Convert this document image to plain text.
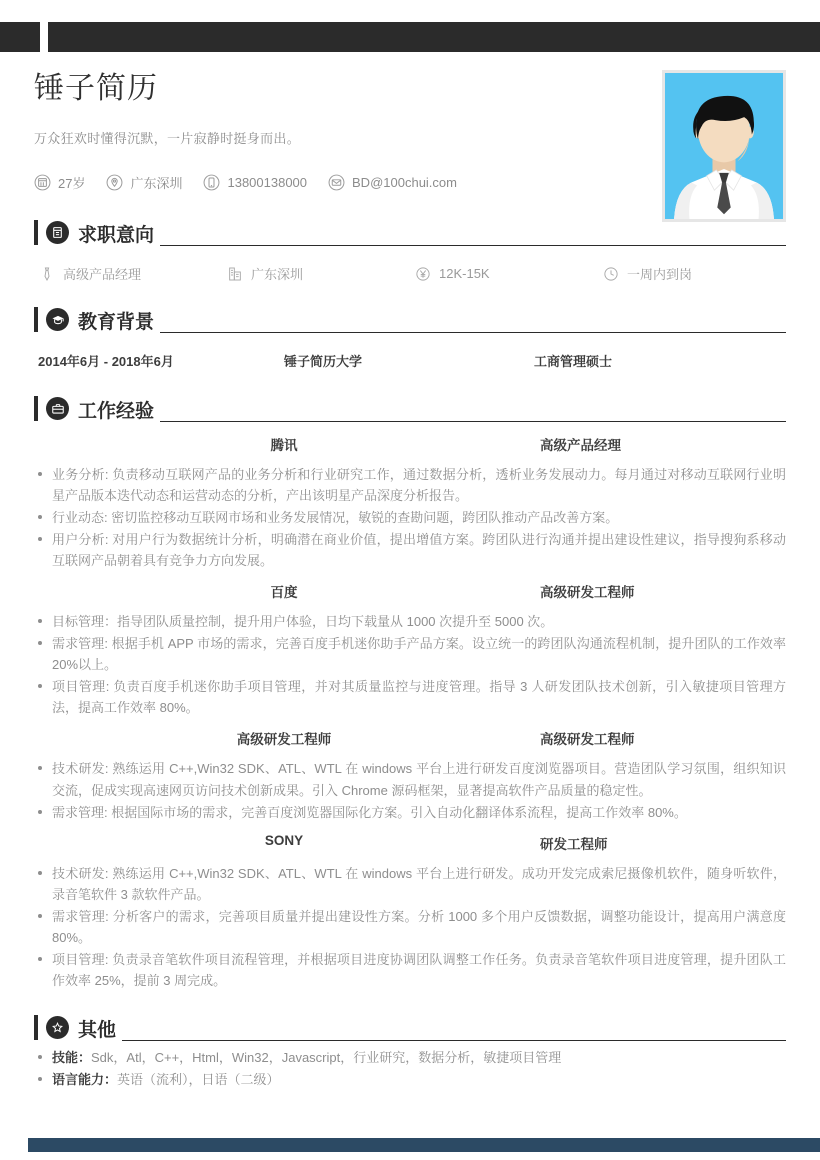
锤子简历
万众狂欢时懂得沉默，一片寂静时挺身而出。
27岁	广东深圳	13800138000	BD@100chui.com
求职意向
高级产品经理	广东深圳	12K-15K	一周内到岗
教育背景
2014年6月 - 2018年6月	锤子简历大学	工商管理硕士
工作经验
腾讯	高级产品经理
业务分析: 负责移动互联网产品的业务分析和行业研究工作，通过数据分析，透析业务发展动力。每月通过对移动互联网行业明星产品版本迭代动态和运营动态的分析，产出该明星产品深度分析报告。
行业动态: 密切监控移动互联网市场和业务发展情况，敏锐的查勘问题，跨团队推动产品改善方案。
用户分析: 对用户行为数据统计分析，明确潜在商业价值，提出增值方案。跨团队进行沟通并提出建设性建议，指导搜狗系移动互联网产品朝着具有竞争力方向发展。
百度	高级研发工程师
目标管理：指导团队质量控制，提升用户体验，日均下载量从 1000 次提升至 5000 次。
需求管理: 根据手机 APP 市场的需求，完善百度手机迷你助手产品方案。设立统一的跨团队沟通流程机制，提升团队的工作效率 20%以上。
项目管理: 负责百度手机迷你助手项目管理，并对其质量监控与进度管理。指导 3 人研发团队技术创新，引入敏捷项目管理方法，提高工作效率 80%。
高级研发工程师	高级研发工程师
技术研发: 熟练运用 C++,Win32 SDK、ATL、WTL 在 windows 平台上进行研发百度浏览器项目。营造团队学习氛围，组织知识交流，促成实现高速网页访问技术创新成果。引入 Chrome 源码框架，显著提高软件产品质量的稳定性。
需求管理: 根据国际市场的需求，完善百度浏览器国际化方案。引入自动化翻译体系流程，提高工作效率 80%。
SONY	研发工程师
技术研发: 熟练运用 C++,Win32 SDK、ATL、WTL 在 windows 平台上进行研发。成功开发完成索尼摄像机软件，随身听软件，录音笔软件 3 款软件产品。
需求管理: 分析客户的需求，完善项目质量并提出建设性方案。分析 1000 多个用户反馈数据，调整功能设计，提高用户满意度 80%。
项目管理: 负责录音笔软件项目流程管理，并根据项目进度协调团队调整工作任务。负责录音笔软件项目进度管理，提升团队工作效率 25%，提前 3 周完成。
其他
技能：Sdk，Atl，C++，Html，Win32，Javascript，行业研究，数据分析，敏捷项目管理
语言能力：英语（流利），日语（二级）
